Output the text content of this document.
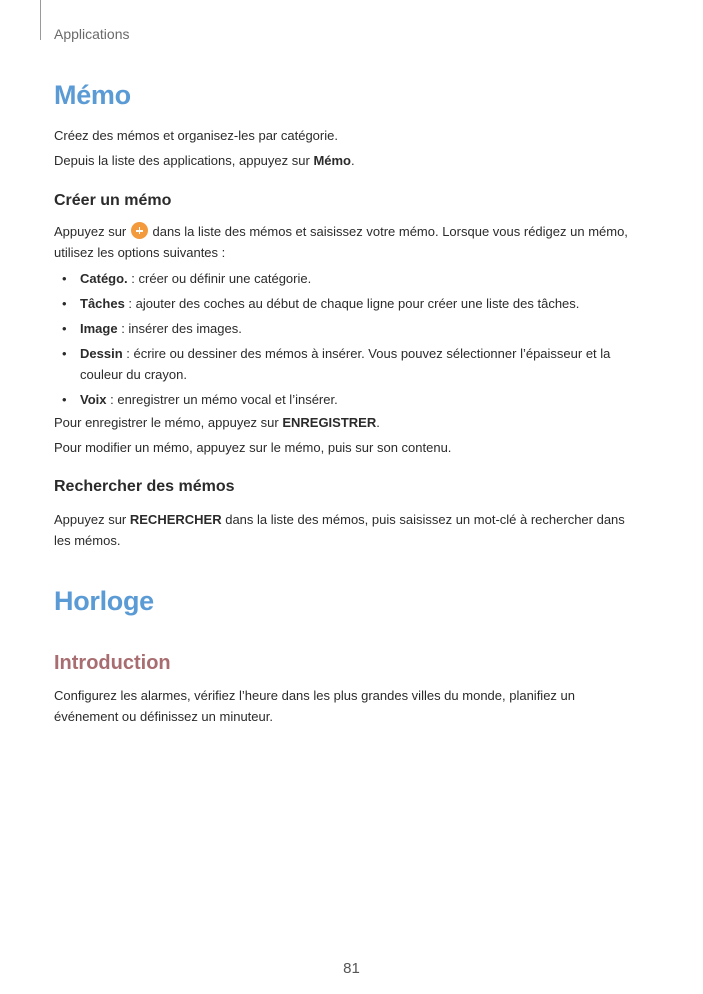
Applications
Mémo
Créez des mémos et organisez-les par catégorie.
Depuis la liste des applications, appuyez sur Mémo.
Créer un mémo
Appuyez sur  dans la liste des mémos et saisissez votre mémo. Lorsque vous rédigez un mémo, utilisez les options suivantes :
• Catégo. : créer ou définir une catégorie.
• Tâches : ajouter des coches au début de chaque ligne pour créer une liste des tâches.
• Image : insérer des images.
• Dessin : écrire ou dessiner des mémos à insérer. Vous pouvez sélectionner l’épaisseur et la couleur du crayon.
• Voix : enregistrer un mémo vocal et l’insérer.
Pour enregistrer le mémo, appuyez sur ENREGISTRER.
Pour modifier un mémo, appuyez sur le mémo, puis sur son contenu.
Rechercher des mémos
Appuyez sur RECHERCHER dans la liste des mémos, puis saisissez un mot-clé à rechercher dans les mémos.
Horloge
Introduction
Configurez les alarmes, vérifiez l’heure dans les plus grandes villes du monde, planifiez un événement ou définissez un minuteur.
81
